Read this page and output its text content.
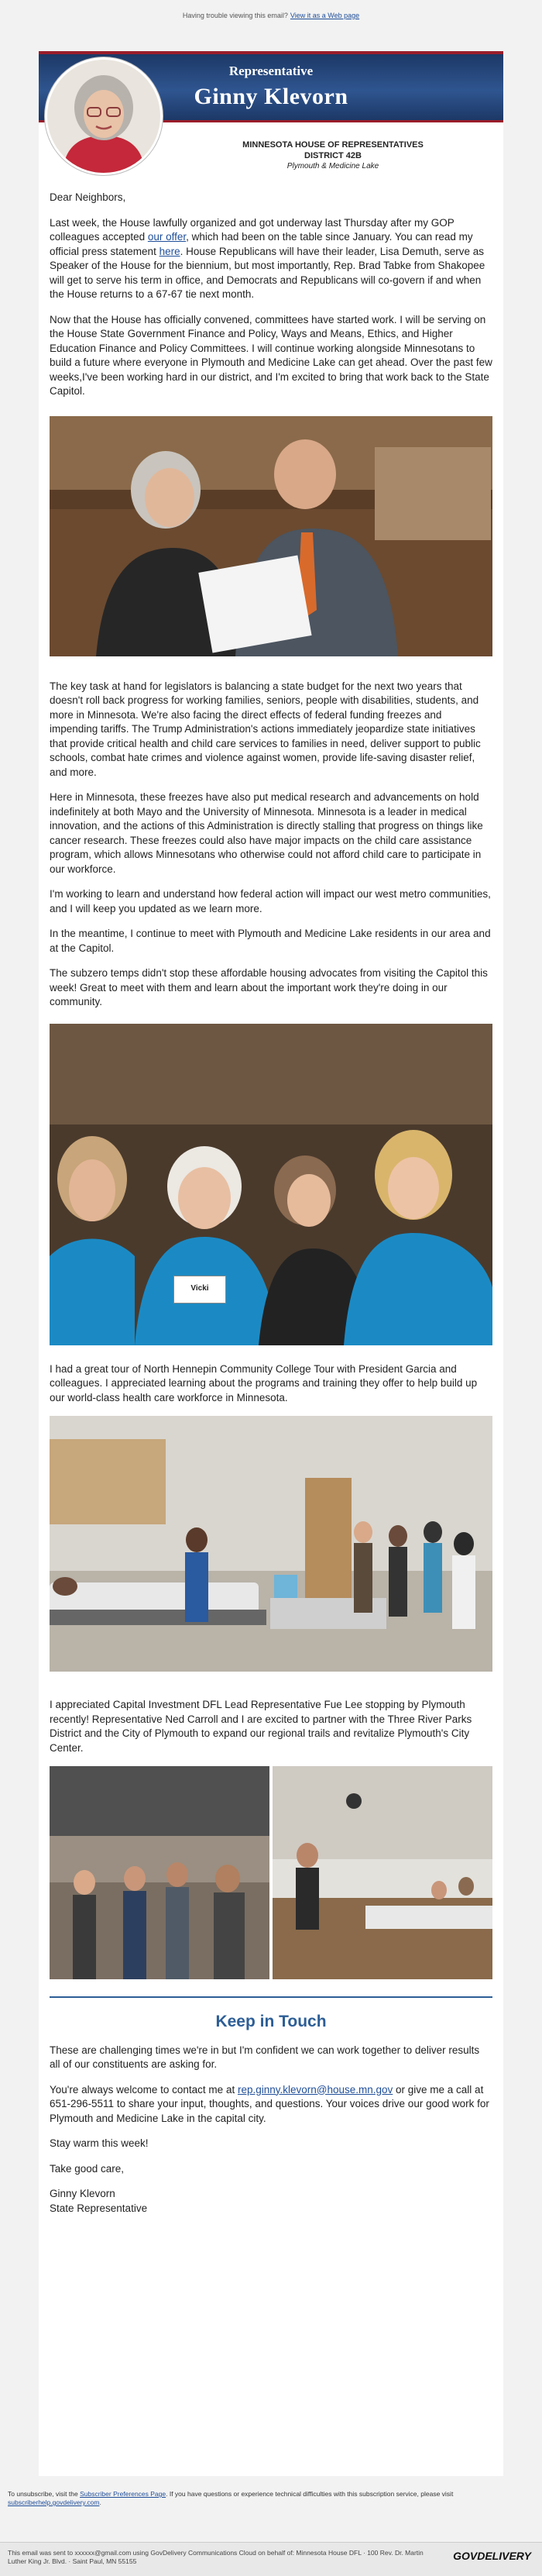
Having trouble viewing this email? View it as a Web page
Representative
Ginny Klevorn
MINNESOTA HOUSE OF REPRESENTATIVES
DISTRICT 42B
Plymouth & Medicine Lake

Dear Neighbors,

Last week, the House lawfully organized and got underway last Thursday after my GOP colleagues accepted our offer, which had been on the table since January. You can read my official press statement here. House Republicans will have their leader, Lisa Demuth, serve as Speaker of the House for the biennium, but most importantly, Rep. Brad Tabke from Shakopee will get to serve his term in office, and Democrats and Republicans will co-govern if and when the House returns to a 67-67 tie next month.

Now that the House has officially convened, committees have started work. I will be serving on the House State Government Finance and Policy, Ways and Means, Ethics, and Higher Education Finance and Policy Committees. I will continue working alongside Minnesotans to build a future where everyone in Plymouth and Medicine Lake can get ahead. Over the past few weeks,I've been working hard in our district, and I'm excited to bring that work back to the State Capitol.

The key task at hand for legislators is balancing a state budget for the next two years that doesn't roll back progress for working families, seniors, people with disabilities, students, and more in Minnesota. We're also facing the direct effects of federal funding freezes and impending tariffs. The Trump Administration's actions immediately jeopardize state initiatives that provide critical health and child care services to families in need, deliver support to public schools, combat hate crimes and violence against women, provide life-saving disaster relief, and more.

Here in Minnesota, these freezes have also put medical research and advancements on hold indefinitely at both Mayo and the University of Minnesota. Minnesota is a leader in medical innovation, and the actions of this Administration is directly stalling that progress on things like cancer research. These freezes could also have major impacts on the child care assistance program, which allows Minnesotans who otherwise could not afford child care to participate in our workforce.

I'm working to learn and understand how federal action will impact our west metro communities, and I will keep you updated as we learn more.

In the meantime, I continue to meet with Plymouth and Medicine Lake residents in our area and at the Capitol.

The subzero temps didn't stop these affordable housing advocates from visiting the Capitol this week! Great to meet with them and learn about the important work they're doing in our community.

Vicki

I had a great tour of North Hennepin Community College Tour with President Garcia and colleagues. I appreciated learning about the programs and training they offer to help build up our world-class health care workforce in Minnesota.

I appreciated Capital Investment DFL Lead Representative Fue Lee stopping by Plymouth recently! Representative Ned Carroll and I are excited to partner with the Three River Parks District and the City of Plymouth to expand our regional trails and revitalize Plymouth's City Center.

Keep in Touch

These are challenging times we're in but I'm confident we can work together to deliver results all of our constituents are asking for.

You're always welcome to contact me at rep.ginny.klevorn@house.mn.gov or give me a call at 651-296-5511 to share your input, thoughts, and questions. Your voices drive our good work for Plymouth and Medicine Lake in the capital city.

Stay warm this week!

Take good care,

Ginny Klevorn
State Representative
To unsubscribe, visit the Subscriber Preferences Page. If you have questions or experience technical difficulties with this subscription service, please visit subscriberhelp.govdelivery.com.
This email was sent to xxxxxx@gmail.com using GovDelivery Communications Cloud on behalf of: Minnesota House DFL · 100 Rev. Dr. Martin Luther King Jr. Blvd. · Saint Paul, MN 55155	GOVDELIVERY
